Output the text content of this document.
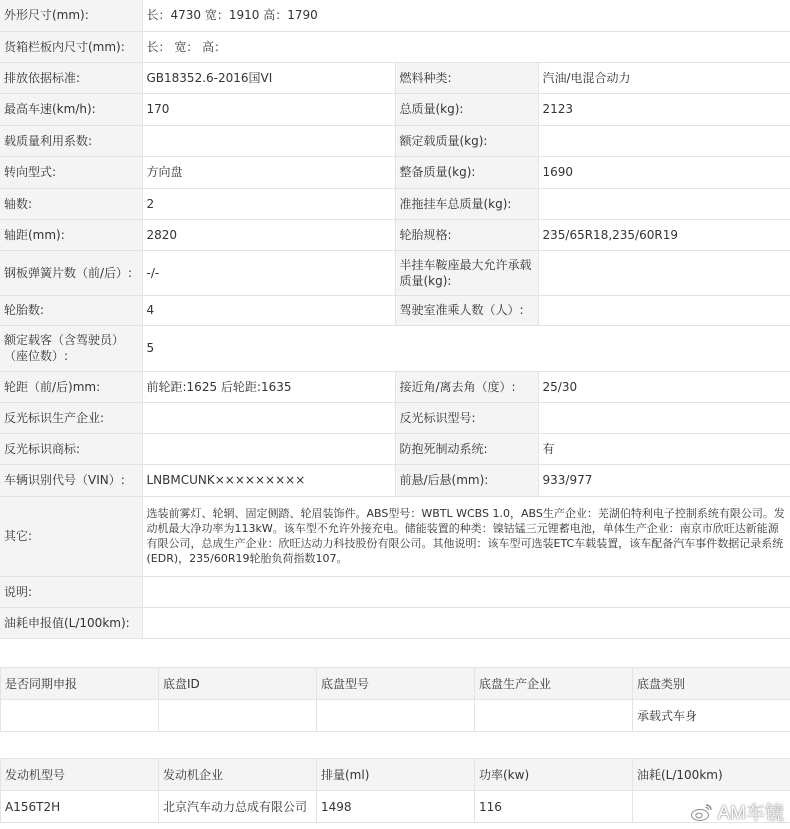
外形尺寸(mm):	长：4730 宽：1910 高：1790		
货箱栏板内尺寸(mm):	长： 宽： 高：		
排放依据标准:	GB18352.6-2016国VI	燃料种类:	汽油/电混合动力
最高车速(km/h):	170	总质量(kg):	2123
载质量利用系数:		额定载质量(kg):	
转向型式:	方向盘	整备质量(kg):	1690
轴数:	2	准拖挂车总质量(kg):	
轴距(mm):	2820	轮胎规格:	235/65R18,235/60R19
钢板弹簧片数（前/后）:	-/-	半挂车鞍座最大允许承载质量(kg):	
轮胎数:	4	驾驶室准乘人数（人）:	
额定载客（含驾驶员）（座位数）:	5		
轮距（前/后)mm:	前轮距:1625 后轮距:1635	接近角/离去角（度）:	25/30
反光标识生产企业:		反光标识型号:	
反光标识商标:		防抱死制动系统:	有
车辆识别代号（VIN）:	LNBMCUNK×××××××××	前悬/后悬(mm):	933/977
其它:	选装前雾灯、轮辋、固定侧踏、轮眉装饰件。ABS型号：WBTL WCBS 1.0，ABS生产企业：芜湖伯特利电子控制系统有限公司。发动机最大净功率为113kW。该车型不允许外接充电。储能装置的种类：镍钴锰三元锂蓄电池，单体生产企业：南京市欣旺达新能源有限公司，总成生产企业：欣旺达动力科技股份有限公司。其他说明：该车型可选装ETC车载装置，该车配备汽车事件数据记录系统(EDR)，235/60R19轮胎负荷指数107。		
说明:			
油耗申报值(L/100km):			
是否同期申报	底盘ID	底盘型号	底盘生产企业	底盘类别
				承载式车身
发动机型号	发动机企业	排量(ml)	功率(kw)	油耗(L/100km)
A156T2H	北京汽车动力总成有限公司	1498	116		AM车镜
